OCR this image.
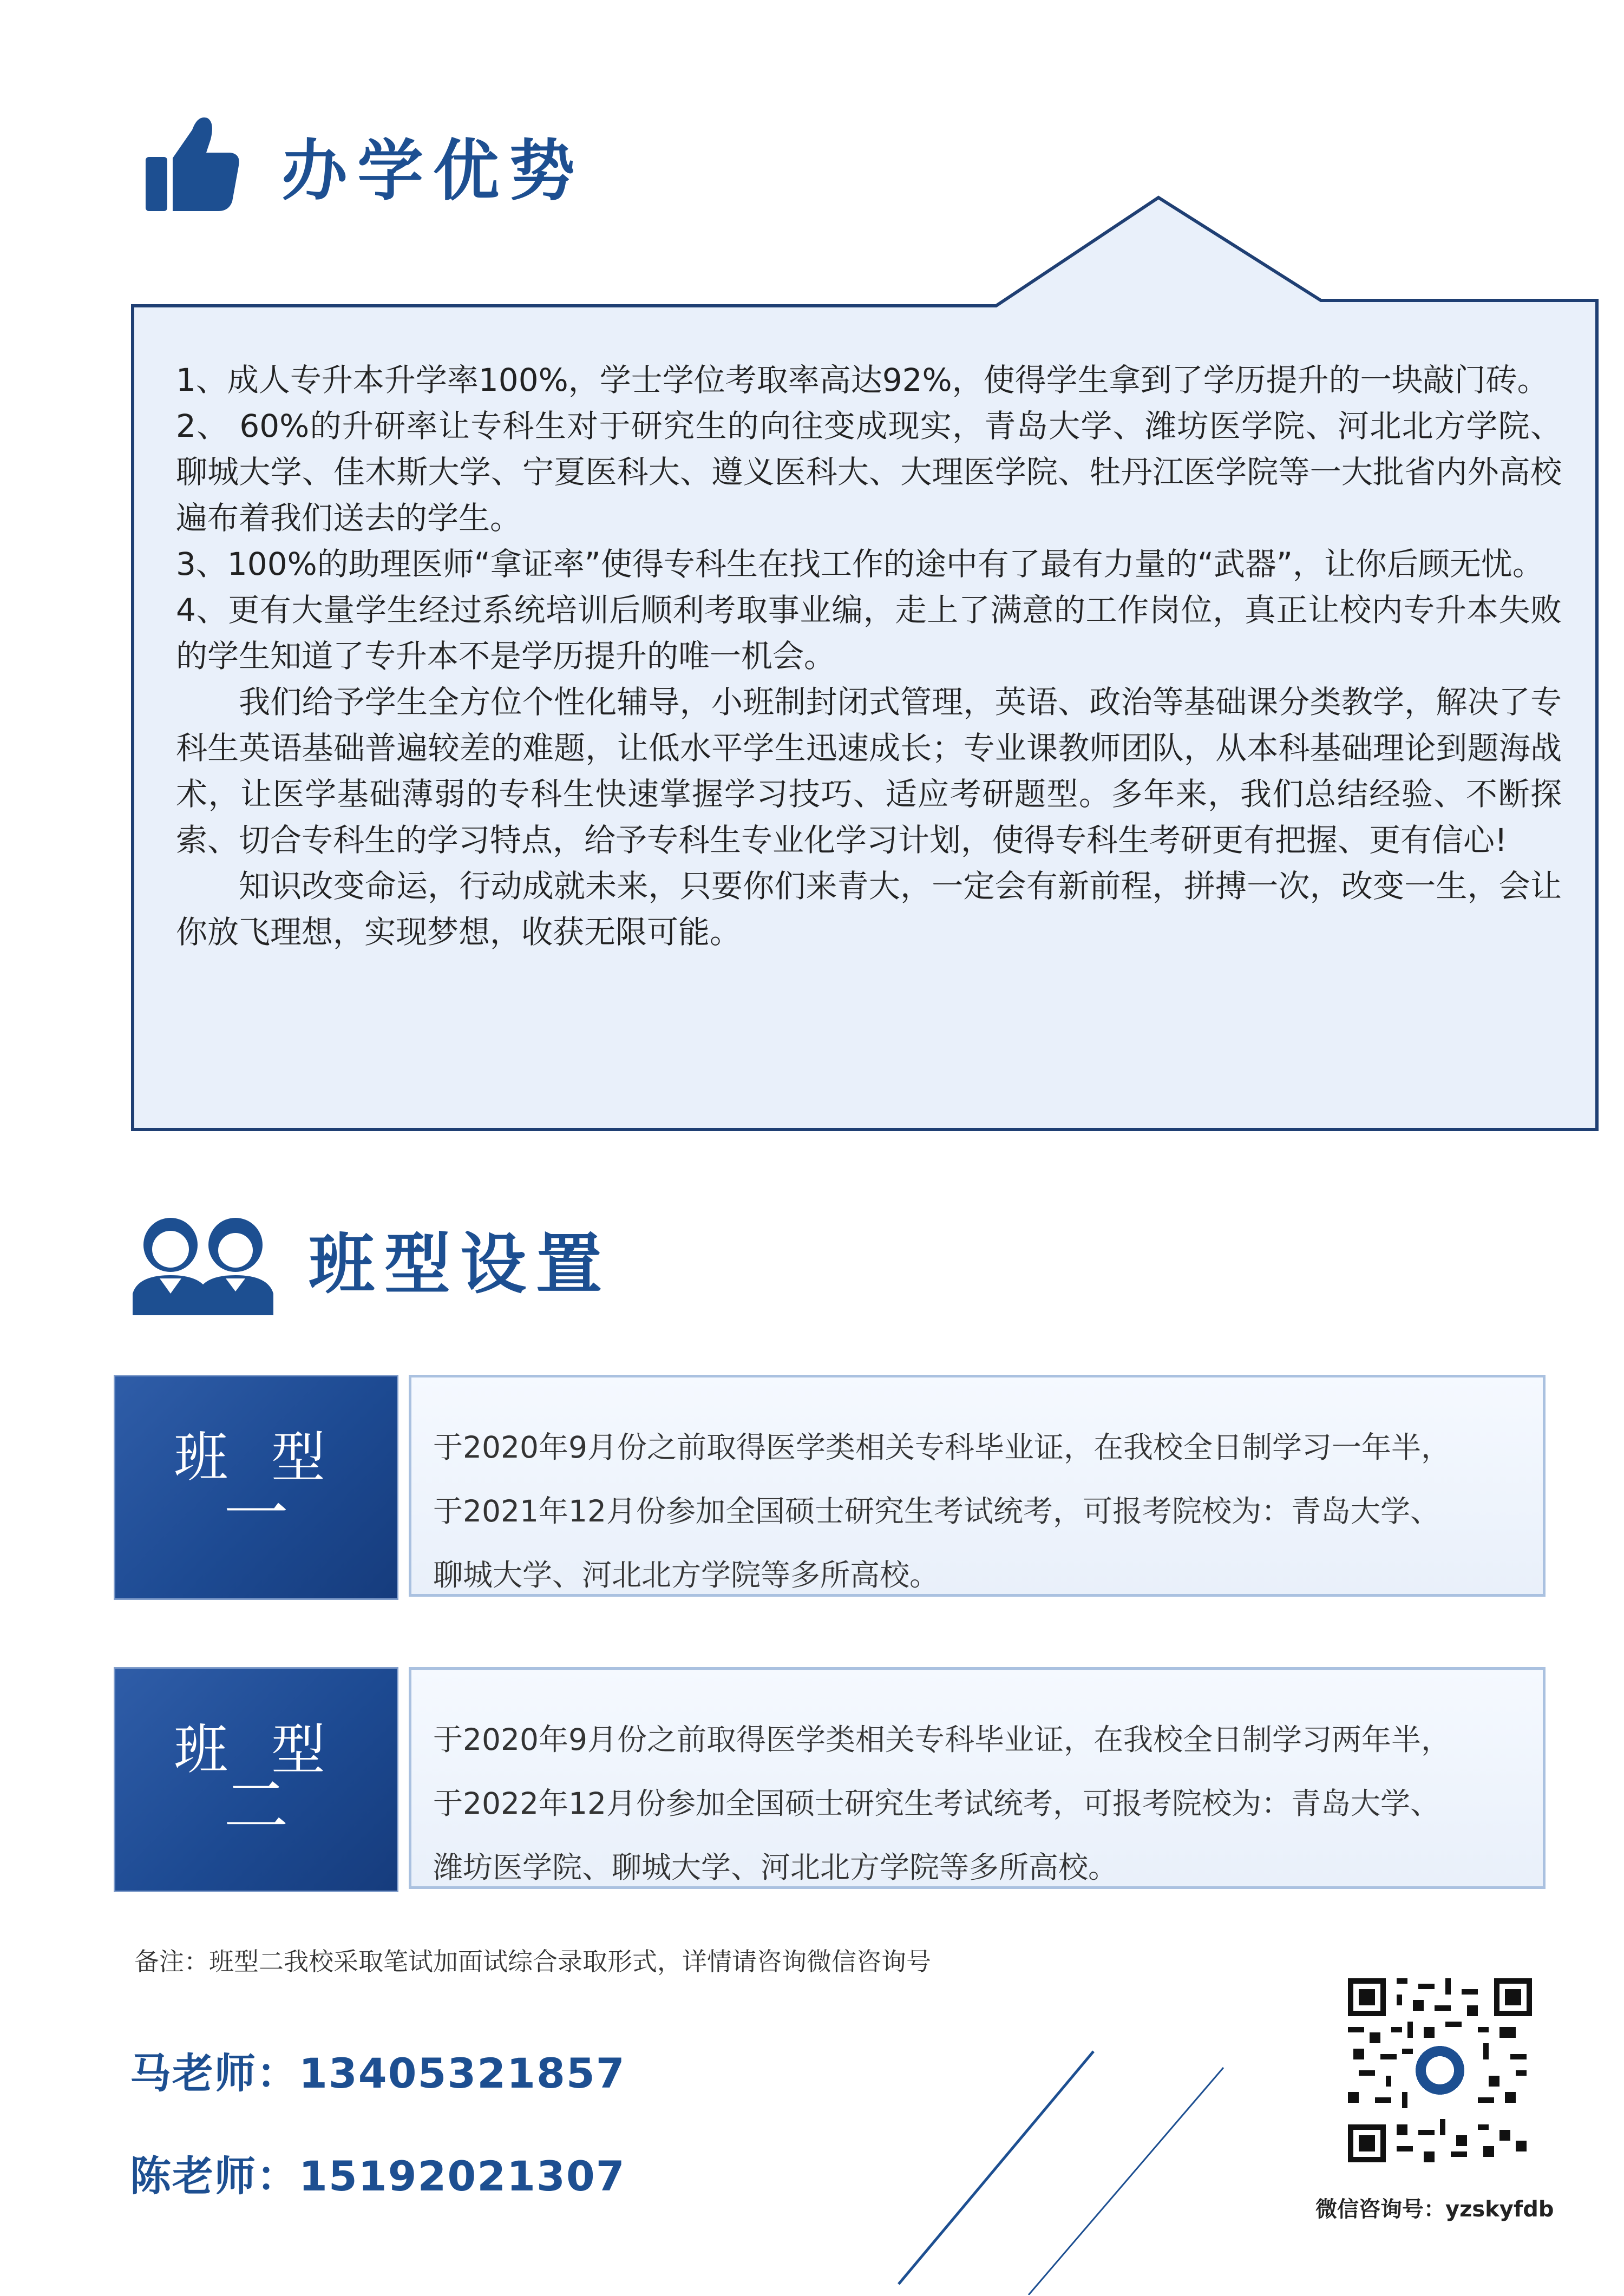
办学优势

1、成人专升本升学率100%，学士学位考取率高达92%，使得学生拿到了学历提升的一块敲门砖。

2、 60%的升研率让专科生对于研究生的向往变成现实，青岛大学、潍坊医学院、河北北方学院、聊城大学、佳木斯大学、宁夏医科大、遵义医科大、大理医学院、牡丹江医学院等一大批省内外高校遍布着我们送去的学生。

3、100%的助理医师“拿证率”使得专科生在找工作的途中有了最有力量的“武器”，让你后顾无忧。

4、更有大量学生经过系统培训后顺利考取事业编，走上了满意的工作岗位，真正让校内专升本失败的学生知道了专升本不是学历提升的唯一机会。

我们给予学生全方位个性化辅导，小班制封闭式管理，英语、政治等基础课分类教学，解决了专科生英语基础普遍较差的难题，让低水平学生迅速成长；专业课教师团队，从本科基础理论到题海战术，让医学基础薄弱的专科生快速掌握学习技巧、适应考研题型。多年来，我们总结经验、不断探索、切合专科生的学习特点，给予专科生专业化学习计划，使得专科生考研更有把握、更有信心!

知识改变命运，行动成就未来，只要你们来青大，一定会有新前程，拼搏一次，改变一生，会让你放飞理想，实现梦想，收获无限可能。

班型设置
班 型
一
于2020年9月份之前取得医学类相关专科毕业证，在我校全日制学习一年半，
于2021年12月份参加全国硕士研究生考试统考，可报考院校为：青岛大学、
聊城大学、河北北方学院等多所高校。
班 型
二
于2020年9月份之前取得医学类相关专科毕业证，在我校全日制学习两年半，
于2022年12月份参加全国硕士研究生考试统考，可报考院校为：青岛大学、
潍坊医学院、聊城大学、河北北方学院等多所高校。
备注：班型二我校采取笔试加面试综合录取形式，详情请咨询微信咨询号
马老师：13405321857
陈老师：15192021307
微信咨询号：yzskyfdb
